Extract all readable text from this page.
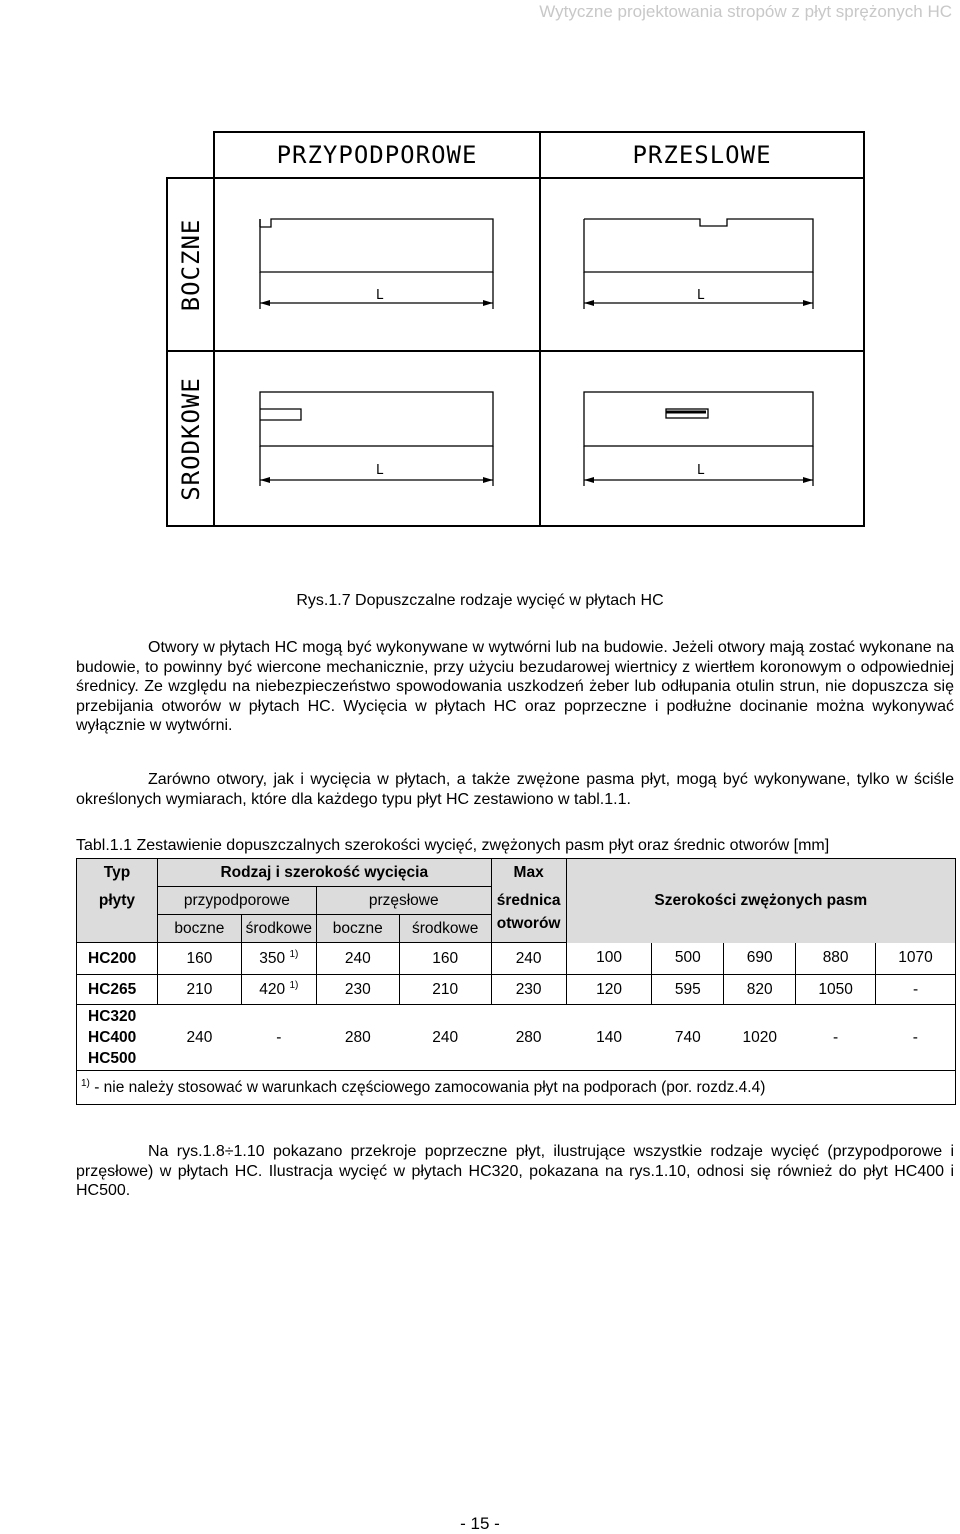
Wytyczne projektowania stropów z płyt sprężonych HC
PRZYPODPOROWE	PRZESLOWE
BOCZNE
SRODKOWE
L	L
L	L
Rys.1.7 Dopuszczalne rodzaje wycięć w płytach HC

Otwory w płytach HC mogą być wykonywane w wytwórni lub na budowie. Jeżeli otwory mają zostać wykonane na budowie, to powinny być wiercone mechanicznie, przy użyciu bezudarowej wiertnicy z wiertłem koronowym o odpowiedniej średnicy. Ze względu na niebezpieczeństwo spowodowania uszkodzeń żeber lub odłupania otulin strun, nie dopuszcza się przebijania otworów w płytach HC. Wycięcia w płytach HC oraz poprzeczne i podłużne docinanie można wykonywać wyłącznie w wytwórni.

Zarówno otwory, jak i wycięcia w płytach, a także zwężone pasma płyt, mogą być wykonywane, tylko w ściśle określonych wymiarach, które dla każdego typu płyt HC zestawiono w tabl.1.1.

Tabl.1.1 Zestawienie dopuszczalnych szerokości wycięć, zwężonych pasm płyt oraz średnic otworów [mm]
Typ	Rodzaj i szerokość wycięcia				Max	Szerokości zwężonych pasm				
płyty	przypodporowe		przęsłowe		średnica					
	boczne	środkowe	boczne	środkowe	otworów					
HC200	160	350 $^{1)}$	240	160	240	100	500	690	880	1070
HC265	210	420 $^{1)}$	230	210	230	120	595	820	1050	-

HC320
HC400
HC500	240	-	280	240	280	140	740	1020	-	-
$^{1)}$ - nie należy stosować w warunkach częściowego zamocowania płyt na podporach (por. rozdz.4.4)										

Na rys.1.8÷1.10 pokazano przekroje poprzeczne płyt, ilustrujące wszystkie rodzaje wycięć (przypodporowe i przęsłowe) w płytach HC. Ilustracja wycięć w płytach HC320, pokazana na rys.1.10, odnosi się również do płyt HC400 i HC500.

- 15 -
